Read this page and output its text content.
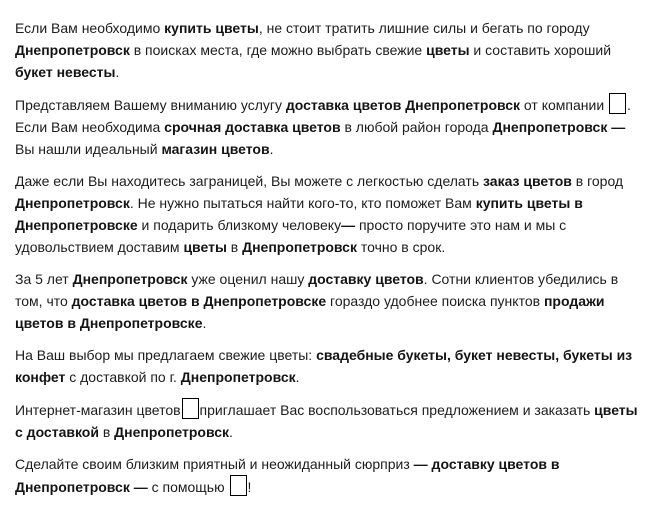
Если Вам необходимо купить цветы, не стоит тратить лишние силы и бегать по городу Днепропетровск в поисках места, где можно выбрать свежие цветы и составить хороший букет невесты.

Представляем Вашему вниманию услугу доставка цветов Днепропетровск от компании .  Если Вам необходима срочная доставка цветов в любой район города Днепропетровск — Вы нашли идеальный магазин цветов.

Даже если Вы находитесь заграницей, Вы можете с легкостью сделать заказ цветов в город Днепропетровск. Не нужно пытаться найти кого-то, кто поможет Вам купить цветы в Днепропетровске и подарить близкому человеку— просто поручите это нам и мы с удовольствием доставим цветы в Днепропетровск точно в срок.

За 5 лет Днепропетровск уже оценил нашу доставку цветов. Сотни клиентов убедились в том, что доставка цветов в Днепропетровске гораздо удобнее поиска пунктов продажи цветов в Днепропетровске.

На Ваш выбор мы предлагаем свежие цветы: свадебные букеты, букет невесты, букеты из конфет с доставкой по г. Днепропетровск.

Интернет-магазин цветов приглашает Вас воспользоваться предложением и заказать цветы с доставкой в Днепропетровск.

Сделайте своим близким приятный и неожиданный сюрприз — доставку цветов в Днепропетровск — с помощью !
